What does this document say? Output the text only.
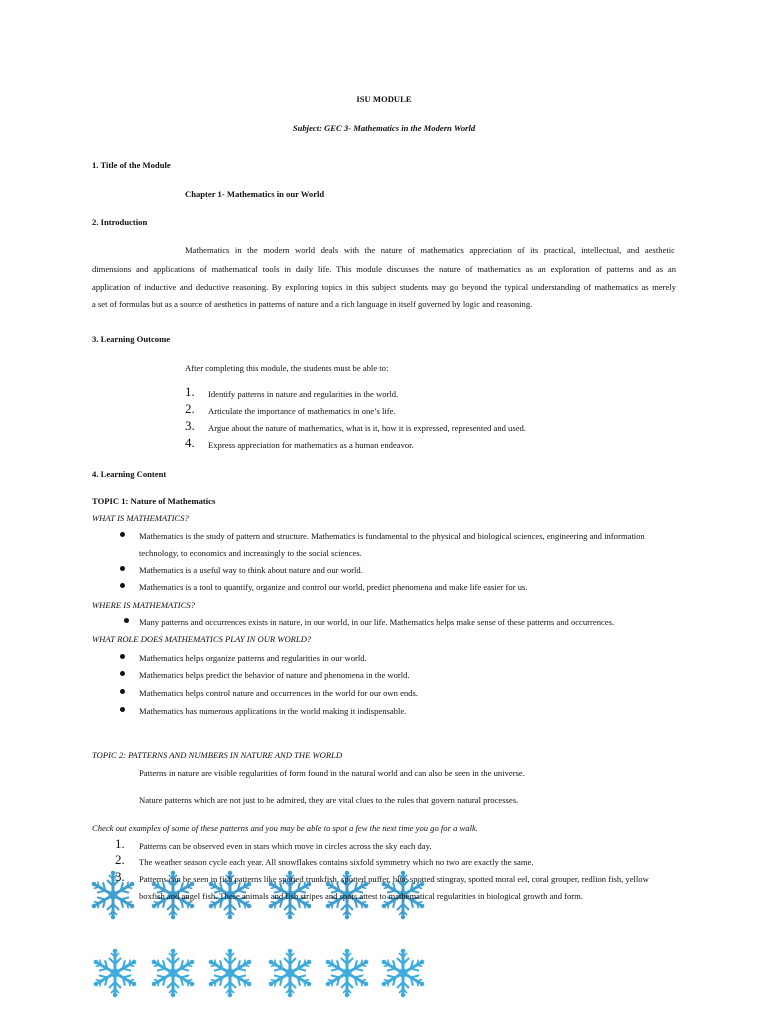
ISU MODULE
Subject: GEC 3- Mathematics in the Modern World
1. Title of the Module
Chapter 1- Mathematics in our World
2. Introduction
Mathematics in the modern world deals with the nature of mathematics appreciation of its practical, intellectual, and aesthetic
dimensions and applications of mathematical tools in daily life. This module discusses the nature of mathematics as an exploration of patterns and as an
application of inductive and deductive reasoning. By exploring topics in this subject students may go beyond the typical understanding of mathematics as merely
a set of formulas but as a source of aesthetics in patterns of nature and a rich language in itself governed by logic and reasoning.
3. Learning Outcome
After completing this module, the students must be able to:
1. Identify patterns in nature and regularities in the world.
2. Articulate the importance of mathematics in one’s life.
3. Argue about the nature of mathematics, what is it, how it is expressed, represented and used.
4. Express appreciation for mathematics as a human endeavor.
4. Learning Content
TOPIC 1: Nature of Mathematics
WHAT IS MATHEMATICS?
Mathematics is the study of pattern and structure. Mathematics is fundamental to the physical and biological sciences, engineering and information
technology, to economics and increasingly to the social sciences.
Mathematics is a useful way to think about nature and our world.
Mathematics is a tool to quantify, organize and control our world, predict phenomena and make life easier for us.
WHERE IS MATHEMATICS?
Many patterns and occurrences exists in nature, in our world, in our life. Mathematics helps make sense of these patterns and occurrences.
WHAT ROLE DOES MATHEMATICS PLAY IN OUR WORLD?
Mathematics helps organize patterns and regularities in our world.
Mathematics helps predict the behavior of nature and phenomena in the world.
Mathematics helps control nature and occurrences in the world for our own ends.
Mathematics has numerous applications in the world making it indispensable.
TOPIC 2: PATTERNS AND NUMBERS IN NATURE AND THE WORLD
Patterns in nature are visible regularities of form found in the natural world and can also be seen in the universe.
Nature patterns which are not just to be admired, they are vital clues to the rules that govern natural processes.
Check out examples of some of these patterns and you may be able to spot a few the next time you go for a walk.
1. Patterns can be observed even in stars which move in circles across the sky each day.
2. The weather season cycle each year. All snowflakes contains sixfold symmetry which no two are exactly the same.
3. Patterns can be seen in fish patterns like spotted trunkfish, spotted puffer, blue spotted stingray, spotted moral eel, coral grouper, redlion fish, yellow
boxfish and angel fish. These animals and fish stripes and spots attest to mathematical regularities in biological growth and form.
